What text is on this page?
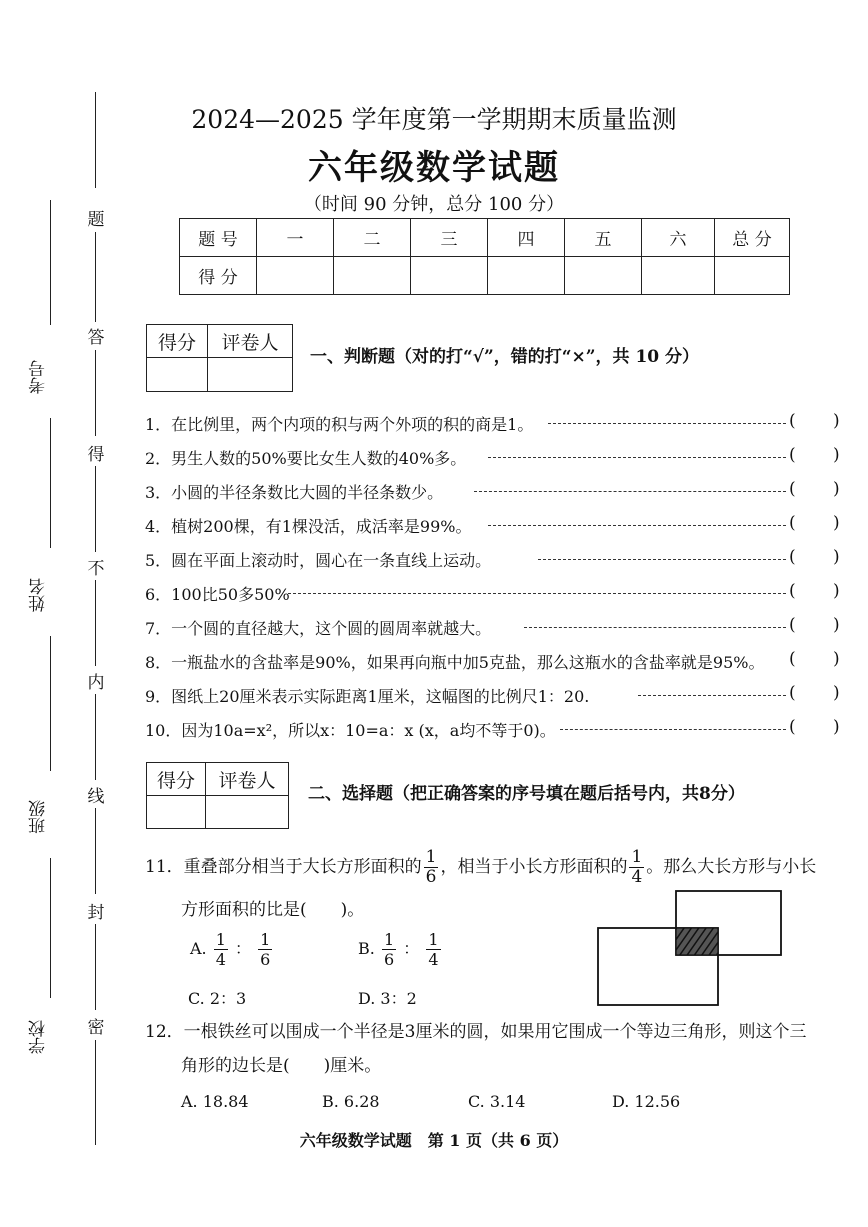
题
答
得
不
内
线
封
密
考号
姓名
班级
学校
2024—2025 学年度第一学期期末质量监测
六年级数学试题
（时间 90 分钟，总分 100 分）
题 号	一	二	三	四	五	六	总 分
得 分							
得分	评卷人

一、判断题（对的打“√”，错的打“×”，共 10 分）
1．在比例里，两个内项的积与两个外项的积的商是1。	( )
2．男生人数的50%要比女生人数的40%多。	( )
3．小圆的半径条数比大圆的半径条数少。	( )
4．植树200棵，有1棵没活，成活率是99%。	( )
5．圆在平面上滚动时，圆心在一条直线上运动。	( )
6．100比50多50%	( )
7．一个圆的直径越大，这个圆的圆周率就越大。	( )
8．一瓶盐水的含盐率是90%，如果再向瓶中加5克盐，那么这瓶水的含盐率就是95%。 ( )
9．图纸上20厘米表示实际距离1厘米，这幅图的比例尺1：20.	( )
10．因为10a=x²，所以x：10=a：x (x，a均不等于0)。	( )
得分	评卷人

二、选择题（把正确答案的序号填在题后括号内，共8分）
11．重叠部分相当于大长方形面积的 $\frac{1}{6}$ ，相当于小长方形面积的 $\frac{1}{4}$ 。那么大长方形与小长
方形面积的比是(　　)。
A. $\frac{1}{4}$ ： $\frac{1}{6}$	B. $\frac{1}{6}$ ： $\frac{1}{4}$
C. 2：3	D. 3：2
12．一根铁丝可以围成一个半径是3厘米的圆，如果用它围成一个等边三角形，则这个三
角形的边长是(　　)厘米。
A. 18.84	B. 6.28	C. 3.14	D. 12.56
六年级数学试题　第 1 页（共 6 页）
